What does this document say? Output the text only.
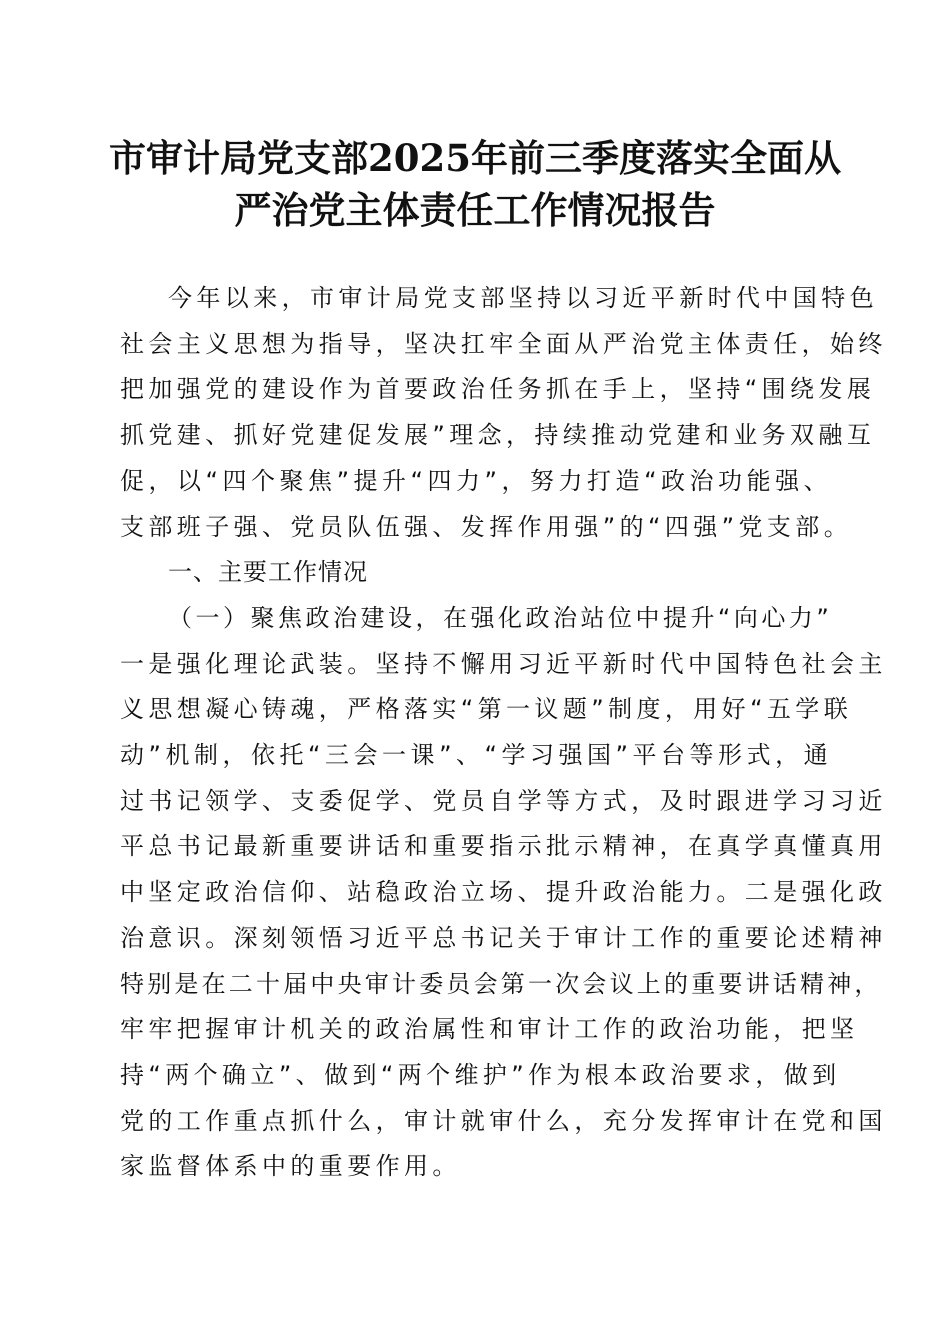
市审计局党支部2025年前三季度落实全面从
严治党主体责任工作情况报告

今年以来，市审计局党支部坚持以习近平新时代中国特色
社会主义思想为指导，坚决扛牢全面从严治党主体责任，始终
把加强党的建设作为首要政治任务抓在手上，坚持“围绕发展
抓党建、抓好党建促发展”理念，持续推动党建和业务双融互
促，以“四个聚焦”提升“四力”，努力打造“政治功能强、
支部班子强、党员队伍强、发挥作用强”的“四强”党支部。

一、主要工作情况

（一）聚焦政治建设，在强化政治站位中提升“向心力”

一是强化理论武装。坚持不懈用习近平新时代中国特色社会主
义思想凝心铸魂，严格落实“第一议题”制度，用好“五学联
动”机制，依托“三会一课”、“学习强国”平台等形式，通
过书记领学、支委促学、党员自学等方式，及时跟进学习习近
平总书记最新重要讲话和重要指示批示精神，在真学真懂真用
中坚定政治信仰、站稳政治立场、提升政治能力。二是强化政
治意识。深刻领悟习近平总书记关于审计工作的重要论述精神
特别是在二十届中央审计委员会第一次会议上的重要讲话精神，
牢牢把握审计机关的政治属性和审计工作的政治功能，把坚
持“两个确立”、做到“两个维护”作为根本政治要求，做到
党的工作重点抓什么，审计就审什么，充分发挥审计在党和国
家监督体系中的重要作用。
